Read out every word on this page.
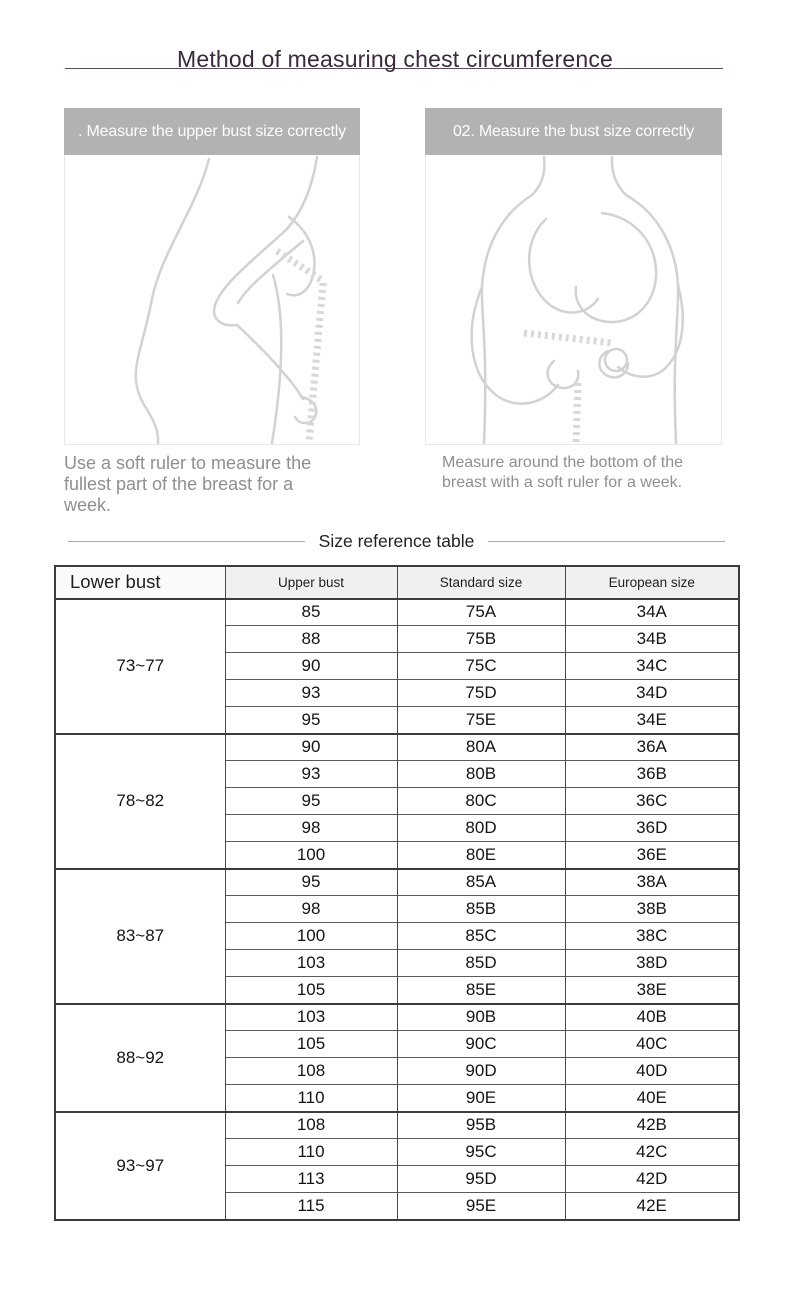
Method of measuring chest circumference
. Measure the upper bust size correctly	02. Measure the bust size correctly
Use a soft ruler to measure the fullest part of the breast for a week.
Measure around the bottom of the breast with a soft ruler for a week.
Size reference table
Lower bust	Upper bust	Standard size	European size
73~77	85	75A	34A
	88	75B	34B
	90	75C	34C
	93	75D	34D
	95	75E	34E
78~82	90	80A	36A
	93	80B	36B
	95	80C	36C
	98	80D	36D
	100	80E	36E
83~87	95	85A	38A
	98	85B	38B
	100	85C	38C
	103	85D	38D
	105	85E	38E
88~92	103	90B	40B
	105	90C	40C
	108	90D	40D
	110	90E	40E
93~97	108	95B	42B
	110	95C	42C
	113	95D	42D
	115	95E	42E
